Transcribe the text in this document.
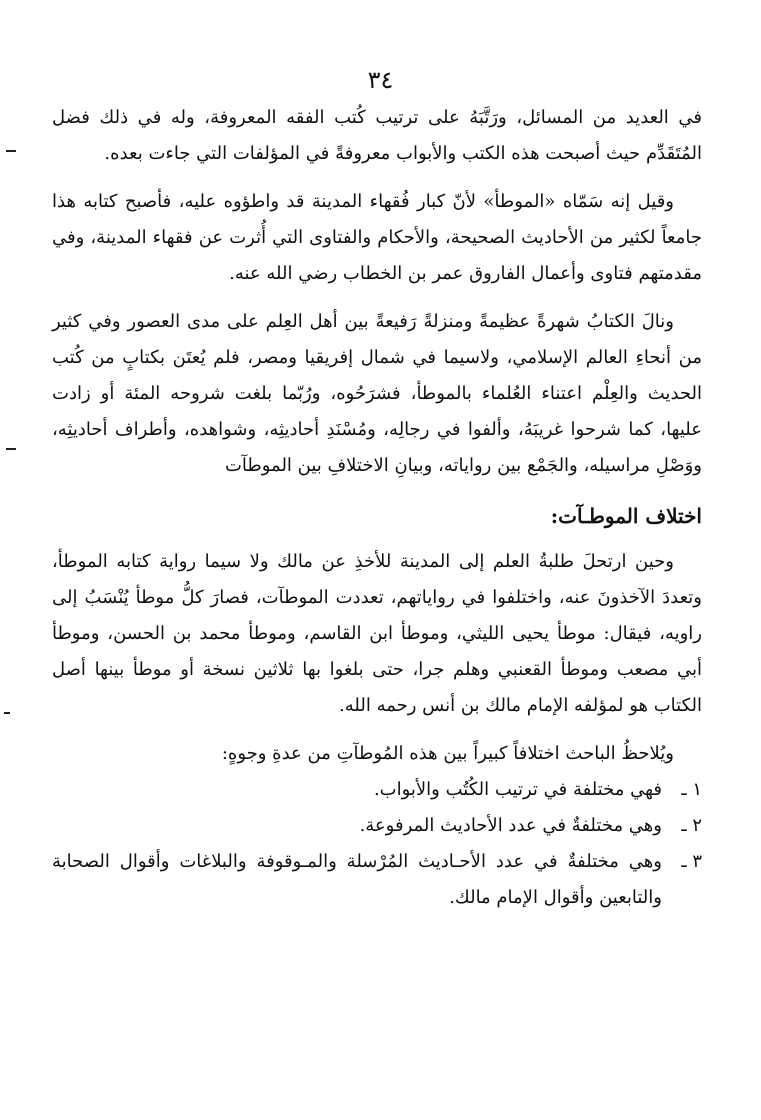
٣٤

في العديد من المسائل، ورَتَّبَهُ على ترتيب كُتب الفقه المعروفة، وله في ذلك فضل المُتَقَدِّم حيث أصبحت هذه الكتب والأبواب معروفةً في المؤلفات التي جاءت بعده.

وقيل إنه سَمّاه «الموطأ» لأنّ كبار فُقهاء المدينة قد واطؤوه عليه، فأصبح كتابه هذا جامعاً لكثير من الأحاديث الصحيحة، والأحكام والفتاوى التي أُثرت عن فقهاء المدينة، وفي مقدمتهم فتاوى وأعمال الفاروق عمر بن الخطاب رضي الله عنه.

ونالَ الكتابُ شهرةً عظيمةً ومنزلةً رَفيعةً بين أهل العِلم على مدى العصور وفي كثير من أنحاءِ العالم الإسلامي، ولاسيما في شمال إفريقيا ومصر، فلم يُعتَن بكتابٍ من كُتب الحديث والعِلْم اعتناء العُلماء بالموطأ، فشرَحُوه، ورُبّما بلغت شروحه المئة أو زادت عليها، كما شرحوا غريبَهُ، وألفوا في رجالِه، ومُسْنَدِ أحاديثِه، وشواهده، وأطراف أحاديثِه، ووَصْلِ مراسيله، والجَمْع بين رواياته، وبيانِ الاختلافِ بين الموطآت

اختلاف الموطـآت:

وحين ارتحلَ طلبةُ العلم إلى المدينة للأخذِ عن مالك ولا سيما رواية كتابه الموطأ، وتعددَ الآخذونَ عنه، واختلفوا في رواياتهم، تعددت الموطآت، فصارَ كلُّ موطأ يُنْسَبُ إلى راويه، فيقال: موطأ يحيى الليثي، وموطأ ابن القاسم، وموطأ محمد بن الحسن، وموطأ أبي مصعب وموطأ القعنبي وهلم جرا، حتى بلغوا بها ثلاثين نسخة أو موطأ بينها أصل الكتاب هو لمؤلفه الإمام مالك بن أنس رحمه الله.

ويُلاحظُ الباحث اختلافاً كبيراً بين هذه المُوطآتِ من عدةِ وجوهٍ:

١ ـ
فهي مختلفة في ترتيب الكُتُب والأبواب.
٢ ـ
وهي مختلفةٌ في عدد الأحاديث المرفوعة.
٣ ـ
وهي مختلفةٌ في عدد الأحـاديث المُرْسلة والمـوقوفة والبلاغات وأقوال الصحابة والتابعين وأقوال الإمام مالك.
